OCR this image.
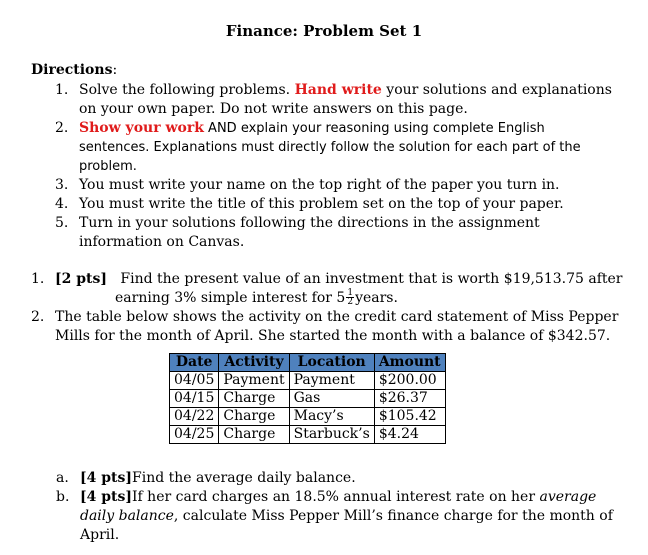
Finance: Problem Set 1
Directions:
1. Solve the following problems. Hand write your solutions and explanations on your own paper. Do not write answers on this page.
2. Show your work AND explain your reasoning using complete English sentences. Explanations must directly follow the solution for each part of the problem.
3. You must write your name on the top right of the paper you turn in.
4. You must write the title of this problem set on the top of your paper.
5. Turn in your solutions following the directions in the assignment information on Canvas.
1. [2 pts] Find the present value of an investment that is worth $19,513.75 after
earning 3% simple interest for $5 \frac{1}{2}$ years.
2. The table below shows the activity on the credit card statement of Miss Pepper Mills for the month of April. She started the month with a balance of $342.57.
Date	Activity	Location	Amount
04/05	Payment	Payment	$200.00
04/15	Charge	Gas	$26.37
04/22	Charge	Macy’s	$105.42
04/25	Charge	Starbuck’s	$4.24
a. [4 pts]Find the average daily balance.
b. [4 pts]If her card charges an 18.5% annual interest rate on her average daily balance, calculate Miss Pepper Mill’s finance charge for the month of April.
